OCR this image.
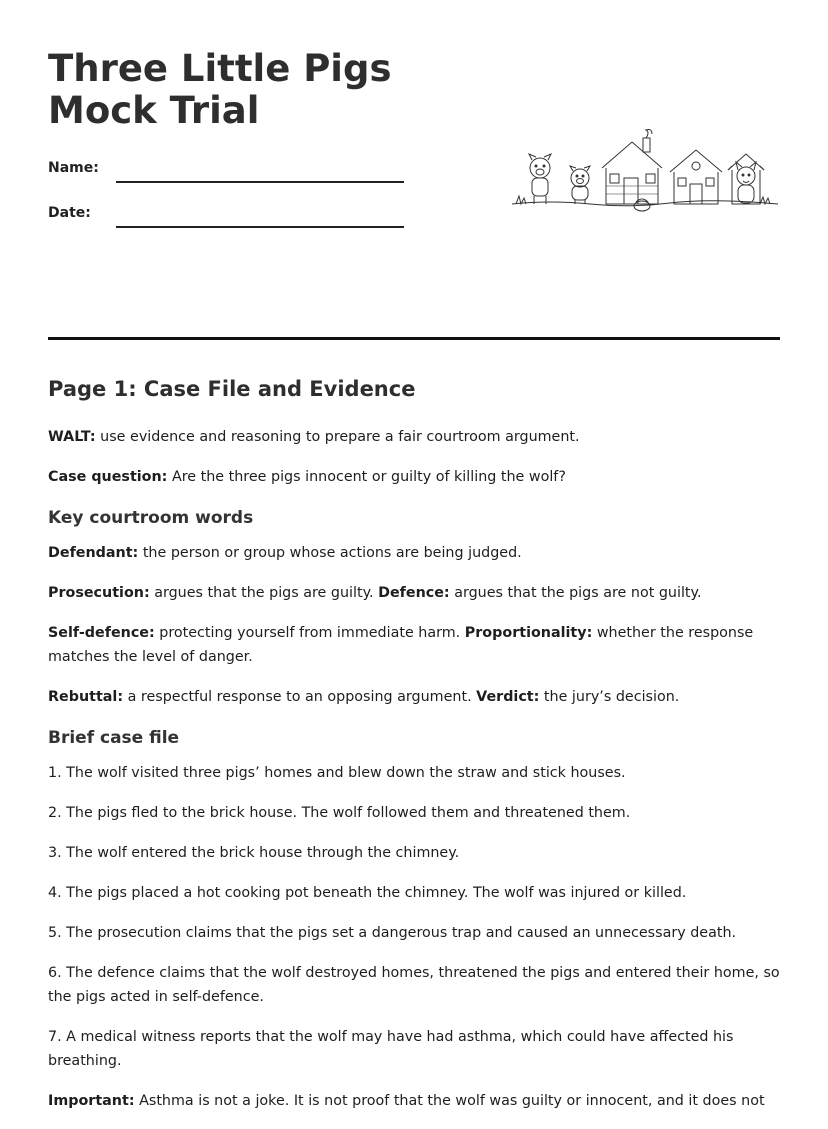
Three Little Pigs Mock Trial
Name:
Date:
Page 1: Case File and Evidence

WALT: use evidence and reasoning to prepare a fair courtroom argument.

Case question: Are the three pigs innocent or guilty of killing the wolf?

Key courtroom words

Defendant: the person or group whose actions are being judged.

Prosecution: argues that the pigs are guilty. Defence: argues that the pigs are not guilty.

Self-defence: protecting yourself from immediate harm. Proportionality: whether the response matches the level of danger.

Rebuttal: a respectful response to an opposing argument. Verdict: the jury’s decision.

Brief case file

1. The wolf visited three pigs’ homes and blew down the straw and stick houses.

2. The pigs fled to the brick house. The wolf followed them and threatened them.

3. The wolf entered the brick house through the chimney.

4. The pigs placed a hot cooking pot beneath the chimney. The wolf was injured or killed.

5. The prosecution claims that the pigs set a dangerous trap and caused an unnecessary death.

6. The defence claims that the wolf destroyed homes, threatened the pigs and entered their home, so the pigs acted in self-defence.

7. A medical witness reports that the wolf may have had asthma, which could have affected his breathing.

Important: Asthma is not a joke. It is not proof that the wolf was guilty or innocent, and it does not
